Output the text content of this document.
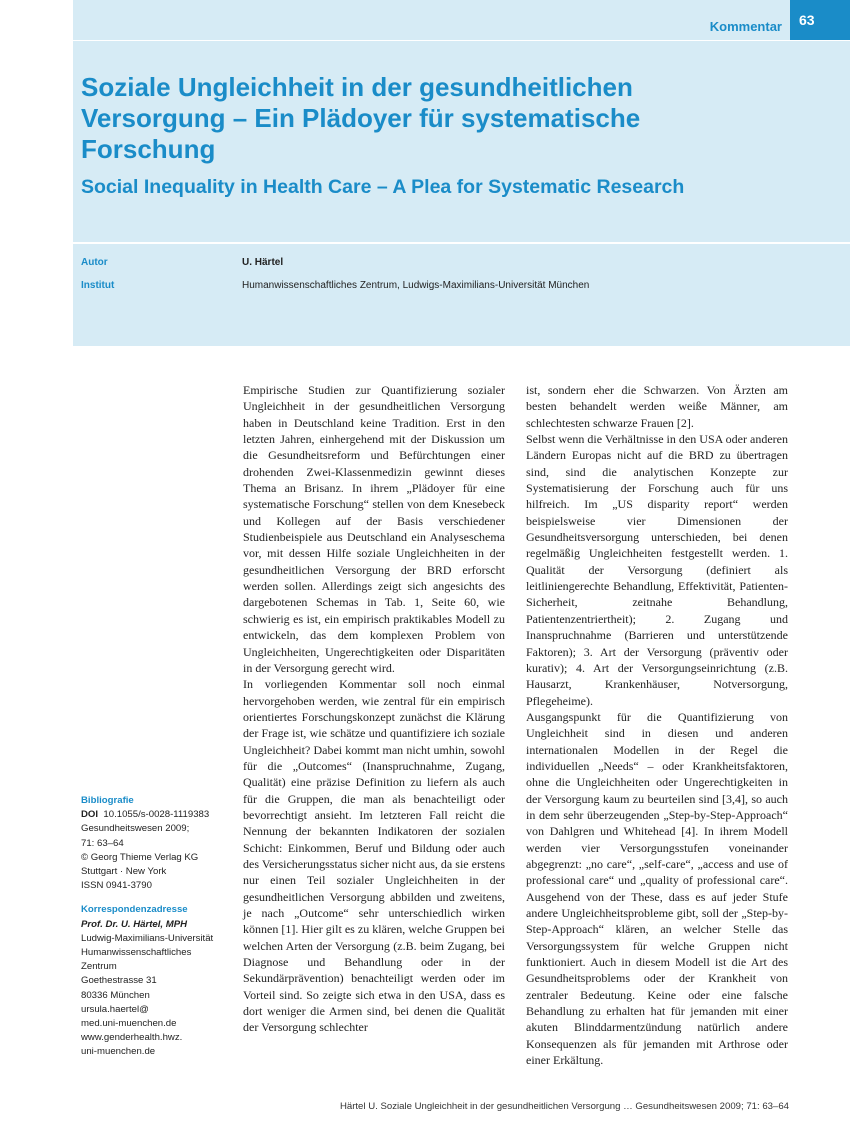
Kommentar	63
Soziale Ungleichheit in der gesundheitlichen Versorgung – Ein Plädoyer für systematische Forschung
Social Inequality in Health Care – A Plea for Systematic Research
Autor	U. Härtel
Institut	Humanwissenschaftliches Zentrum, Ludwigs-Maximilians-Universität München
Bibliografie
DOI 10.1055/s-0028-1119383
Gesundheitswesen 2009;
71: 63–64
© Georg Thieme Verlag KG
Stuttgart · New York
ISSN 0941-3790
Korrespondenzadresse
Prof. Dr. U. Härtel, MPH
Ludwig-Maximilians-Universität
Humanwissenschaftliches
Zentrum
Goethestrasse 31
80336 München
ursula.haertel@
med.uni-muenchen.de
www.genderhealth.hwz.
uni-muenchen.de

Empirische Studien zur Quantifizierung sozialer Ungleichheit in der gesundheitlichen Versorgung haben in Deutschland keine Tradition. Erst in den letzten Jahren, einhergehend mit der Diskussion um die Gesundheitsreform und Befürchtungen einer drohenden Zwei-Klassenmedizin gewinnt dieses Thema an Brisanz. In ihrem „Plädoyer für eine systematische Forschung“ stellen von dem Knesebeck und Kollegen auf der Basis verschiedener Studienbeispiele aus Deutschland ein Analyseschema vor, mit dessen Hilfe soziale Ungleichheiten in der gesundheitlichen Versorgung der BRD erforscht werden sollen. Allerdings zeigt sich angesichts des dargebotenen Schemas in Tab. 1, Seite 60, wie schwierig es ist, ein empirisch praktikables Modell zu entwickeln, das dem komplexen Problem von Ungleichheiten, Ungerechtigkeiten oder Disparitäten in der Versorgung gerecht wird.

In vorliegenden Kommentar soll noch einmal hervorgehoben werden, wie zentral für ein empirisch orientiertes Forschungskonzept zunächst die Klärung der Frage ist, wie schätze und quantifiziere ich soziale Ungleichheit? Dabei kommt man nicht umhin, sowohl für die „Outcomes“ (Inanspruchnahme, Zugang, Qualität) eine präzise Definition zu liefern als auch für die Gruppen, die man als benachteiligt oder bevorrechtigt ansieht. Im letzteren Fall reicht die Nennung der bekannten Indikatoren der sozialen Schicht: Einkommen, Beruf und Bildung oder auch des Versicherungsstatus sicher nicht aus, da sie erstens nur einen Teil sozialer Ungleichheiten in der gesundheitlichen Versorgung abbilden und zweitens, je nach „Outcome“ sehr unterschiedlich wirken können [1]. Hier gilt es zu klären, welche Gruppen bei welchen Arten der Versorgung (z.B. beim Zugang, bei Diagnose und Behandlung oder in der Sekundärprävention) benachteiligt werden oder im Vorteil sind. So zeigte sich etwa in den USA, dass es dort weniger die Armen sind, bei denen die Qualität der Versorgung schlechter

ist, sondern eher die Schwarzen. Von Ärzten am besten behandelt werden weiße Männer, am schlechtesten schwarze Frauen [2].

Selbst wenn die Verhältnisse in den USA oder anderen Ländern Europas nicht auf die BRD zu übertragen sind, sind die analytischen Konzepte zur Systematisierung der Forschung auch für uns hilfreich. Im „US disparity report“ werden beispielsweise vier Dimensionen der Gesundheitsversorgung unterschieden, bei denen regelmäßig Ungleichheiten festgestellt werden. 1. Qualität der Versorgung (definiert als leitliniengerechte Behandlung, Effektivität, Patienten-Sicherheit, zeitnahe Behandlung, Patientenzentriertheit); 2. Zugang und Inanspruchnahme (Barrieren und unterstützende Faktoren); 3. Art der Versorgung (präventiv oder kurativ); 4. Art der Versorgungseinrichtung (z.B. Hausarzt, Krankenhäuser, Notversorgung, Pflegeheime).

Ausgangspunkt für die Quantifizierung von Ungleichheit sind in diesen und anderen internationalen Modellen in der Regel die individuellen „Needs“ – oder Krankheitsfaktoren, ohne die Ungleichheiten oder Ungerechtigkeiten in der Versorgung kaum zu beurteilen sind [3,4], so auch in dem sehr überzeugenden „Step-by-Step-Approach“ von Dahlgren und Whitehead [4]. In ihrem Modell werden vier Versorgungsstufen voneinander abgegrenzt: „no care“, „self-care“, „access and use of professional care“ und „quality of professional care“. Ausgehend von der These, dass es auf jeder Stufe andere Ungleichheitsprobleme gibt, soll der „Step-by-Step-Approach“ klären, an welcher Stelle das Versorgungssystem für welche Gruppen nicht funktioniert. Auch in diesem Modell ist die Art des Gesundheitsproblems oder der Krankheit von zentraler Bedeutung. Keine oder eine falsche Behandlung zu erhalten hat für jemanden mit einer akuten Blinddarmentzündung natürlich andere Konsequenzen als für jemanden mit Arthrose oder einer Erkältung.

Härtel U. Soziale Ungleichheit in der gesundheitlichen Versorgung … Gesundheitswesen 2009; 71: 63–64
